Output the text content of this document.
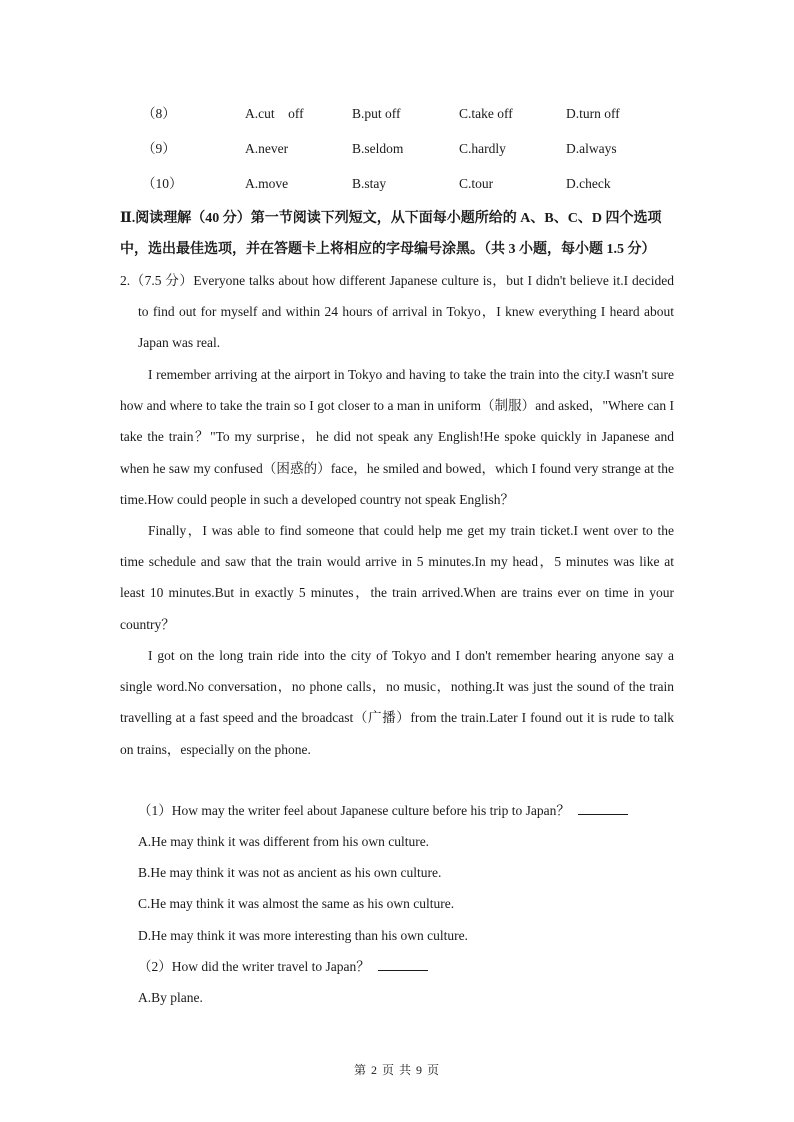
（8）	A.cut    off	B.put off	C.take off	D.turn off
（9）	A.never	B.seldom	C.hardly	D.always
（10）	A.move	B.stay	C.tour	D.check
Ⅱ.阅读理解（40 分）第一节阅读下列短文，从下面每小题所给的 A、B、C、D 四个选项中，选出最佳选项，并在答题卡上将相应的字母编号涂黑。（共 3 小题，每小题 1.5 分）
2.（7.5 分）Everyone talks about how different Japanese culture is，but I didn't believe it.I decided to find out for myself and within 24 hours of arrival in Tokyo，I knew everything I heard about Japan was real.
I remember arriving at the airport in Tokyo and having to take the train into the city.I wasn't sure how and where to take the train so I got closer to a man in uniform（制服）and asked，"Where can I take the train？"To my surprise，he did not speak any English!He spoke quickly in Japanese and when he saw my confused（困惑的）face，he smiled and bowed，which I found very strange at the time.How could people in such a developed country not speak English？
Finally，I was able to find someone that could help me get my train ticket.I went over to the time schedule and saw that the train would arrive in 5 minutes.In my head，5 minutes was like at least 10 minutes.But in exactly 5 minutes，the train arrived.When are trains ever on time in your country？
I got on the long train ride into the city of Tokyo and I don't remember hearing anyone say a single word.No conversation，no phone calls，no music，nothing.It was just the sound of the train travelling at a fast speed and the broadcast（广播）from the train.Later I found out it is rude to talk on trains，especially on the phone.
（1）How may the writer feel about Japanese culture before his trip to Japan？
A.He may think it was different from his own culture.
B.He may think it was not as ancient as his own culture.
C.He may think it was almost the same as his own culture.
D.He may think it was more interesting than his own culture.
（2）How did the writer travel to Japan？
A.By plane.
第 2 页 共 9 页
